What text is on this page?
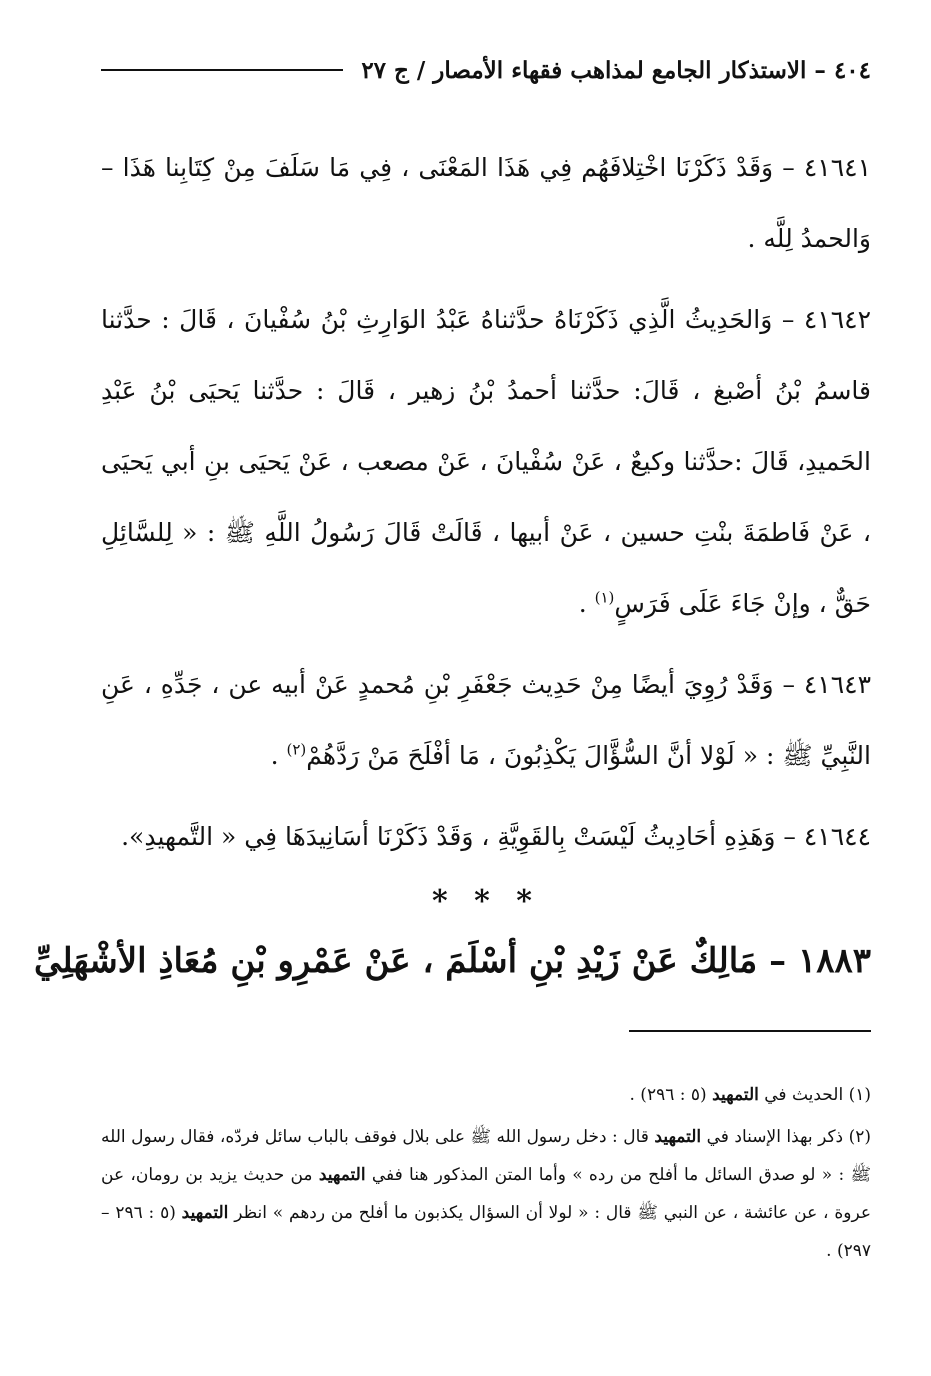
٤٠٤ – الاستذكار الجامع لمذاهب فقهاء الأمصار / ج ٢٧

٤١٦٤١ – وَقَدْ ذَكَرْنَا اخْتِلافَهُم فِي هَذَا المَعْنَى ، فِي مَا سَلَفَ مِنْ كِتَابِنا هَذَا – وَالحمدُ لِلَّه .

٤١٦٤٢ – وَالحَدِيثُ الَّذِي ذَكَرْنَاهُ حدَّثناهُ عَبْدُ الوَارِثِ بْنُ سُفْيانَ ، قَالَ : حدَّثنا قاسمُ بْنُ أصْبغ ، قَالَ: حدَّثنا أحمدُ بْنُ زهير ، قَالَ : حدَّثنا يَحيَى بْنُ عَبْدِ الحَميدِ، قَالَ :حدَّثنا وكيعٌ ، عَنْ سُفْيانَ ، عَنْ مصعب ، عَنْ يَحيَى بنِ أبي يَحيَى ، عَنْ فَاطمَةَ بنْتِ حسين ، عَنْ أبيها ، قَالَتْ قَالَ رَسُولُ اللَّهِ ﷺ : « لِلسَّائِلِ حَقٌّ ، وإنْ جَاءَ عَلَى فَرَسٍ$^{(١)}$ .

٤١٦٤٣ – وَقَدْ رُوِيَ أيضًا مِنْ حَدِيث جَعْفَرِ بْنِ مُحمدٍ عَنْ أبيه عن ، جَدِّهِ ، عَنِ النَّبِيِّ ﷺ : « لَوْلا أنَّ السُّؤَّالَ يَكْذِبُونَ ، مَا أفْلَحَ مَنْ رَدَّهُمْ$^{(٢)}$ .

٤١٦٤٤ – وَهَذِهِ أحَادِيثُ لَيْسَتْ بِالقَوِيَّةِ ، وَقَدْ ذَكَرْنَا أسَانِيدَهَا فِي « التَّمهيدِ».

* * *
١٨٨٣ – مَالِكٌ عَنْ زَيْدِ بْنِ أسْلَمَ ، عَنْ عَمْرِو بْنِ مُعَاذِ الأشْهَلِيِّ

(١) الحديث في التمهيد (٥ : ٢٩٦) .

(٢) ذكر بهذا الإسناد في التمهيد قال : دخل رسول الله ﷺ على بلال فوقف بالباب سائل فردّه، فقال رسول الله ﷺ : « لو صدق السائل ما أفلح من رده » وأما المتن المذكور هنا ففي التمهيد من حديث يزيد بن رومان، عن عروة ، عن عائشة ، عن النبي ﷺ قال : « لولا أن السؤال يكذبون ما أفلح من ردهم » انظر التمهيد (٥ : ٢٩٦ – ٢٩٧) .
